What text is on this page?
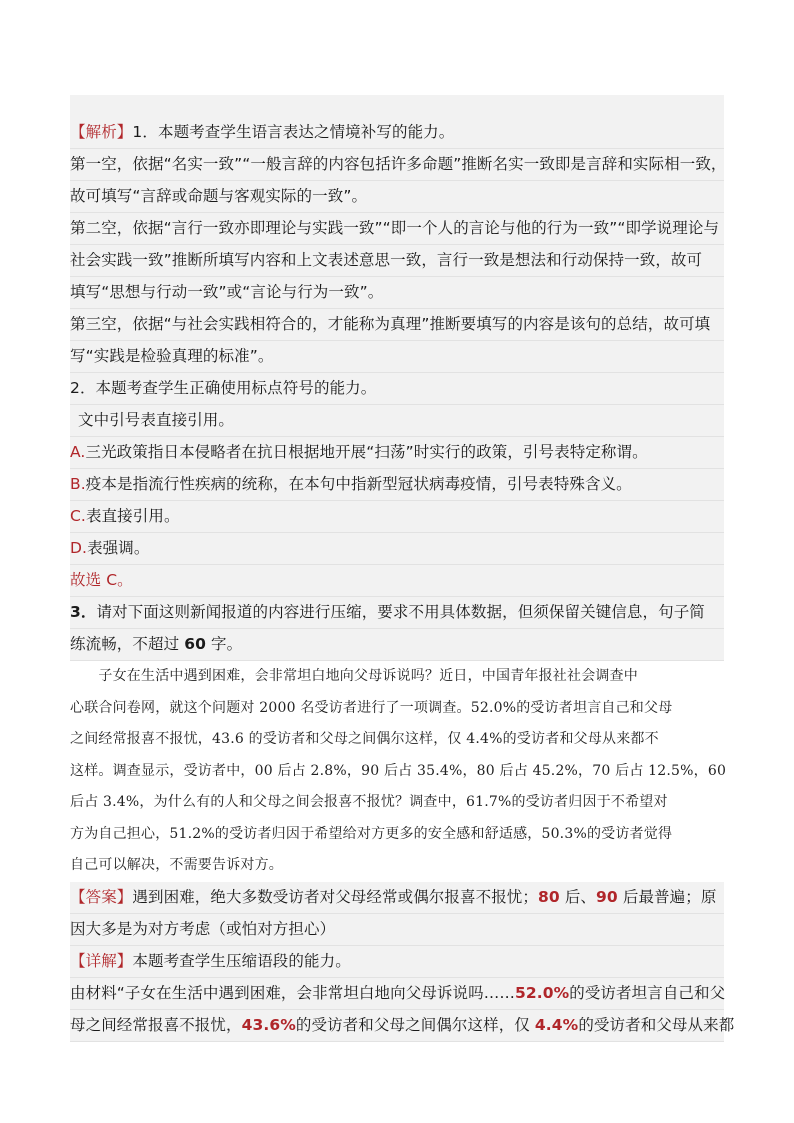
【解析】1．本题考查学生语言表达之情境补写的能力。
第一空，依据“名实一致”“一般言辞的内容包括许多命题”推断名实一致即是言辞和实际相一致，
故可填写“言辞或命题与客观实际的一致”。
第二空，依据“言行一致亦即理论与实践一致”“即一个人的言论与他的行为一致”“即学说理论与
社会实践一致”推断所填写内容和上文表述意思一致，言行一致是想法和行动保持一致，故可
填写“思想与行动一致”或“言论与行为一致”。
第三空，依据“与社会实践相符合的，才能称为真理”推断要填写的内容是该句的总结，故可填
写“实践是检验真理的标准”。
2．本题考查学生正确使用标点符号的能力。
文中引号表直接引用。
A.三光政策指日本侵略者在抗日根据地开展“扫荡”时实行的政策，引号表特定称谓。
B.疫本是指流行性疾病的统称，在本句中指新型冠状病毒疫情，引号表特殊含义。
C.表直接引用。
D.表强调。
故选 C。
3．请对下面这则新闻报道的内容进行压缩，要求不用具体数据，但须保留关键信息，句子简
练流畅，不超过 60 字。
　　子女在生活中遇到困难，会非常坦白地向父母诉说吗？近日，中国青年报社社会调查中
心联合问卷网，就这个问题对 2000 名受访者进行了一项调查。52.0%的受访者坦言自己和父母
之间经常报喜不报忧，43.6 的受访者和父母之间偶尔这样，仅 4.4%的受访者和父母从来都不
这样。调查显示，受访者中，00 后占 2.8%，90 后占 35.4%，80 后占 45.2%，70 后占 12.5%，60
后占 3.4%，为什么有的人和父母之间会报喜不报忧？调查中，61.7%的受访者归因于不希望对
方为自己担心，51.2%的受访者归因于希望给对方更多的安全感和舒适感，50.3%的受访者觉得
自己可以解决，不需要告诉对方。
【答案】遇到困难，绝大多数受访者对父母经常或偶尔报喜不报忧；80 后、90 后最普遍；原
因大多是为对方考虑（或怕对方担心）
【详解】本题考查学生压缩语段的能力。
由材料“子女在生活中遇到困难，会非常坦白地向父母诉说吗……52.0%的受访者坦言自己和父
母之间经常报喜不报忧，43.6%的受访者和父母之间偶尔这样，仅 4.4%的受访者和父母从来都
